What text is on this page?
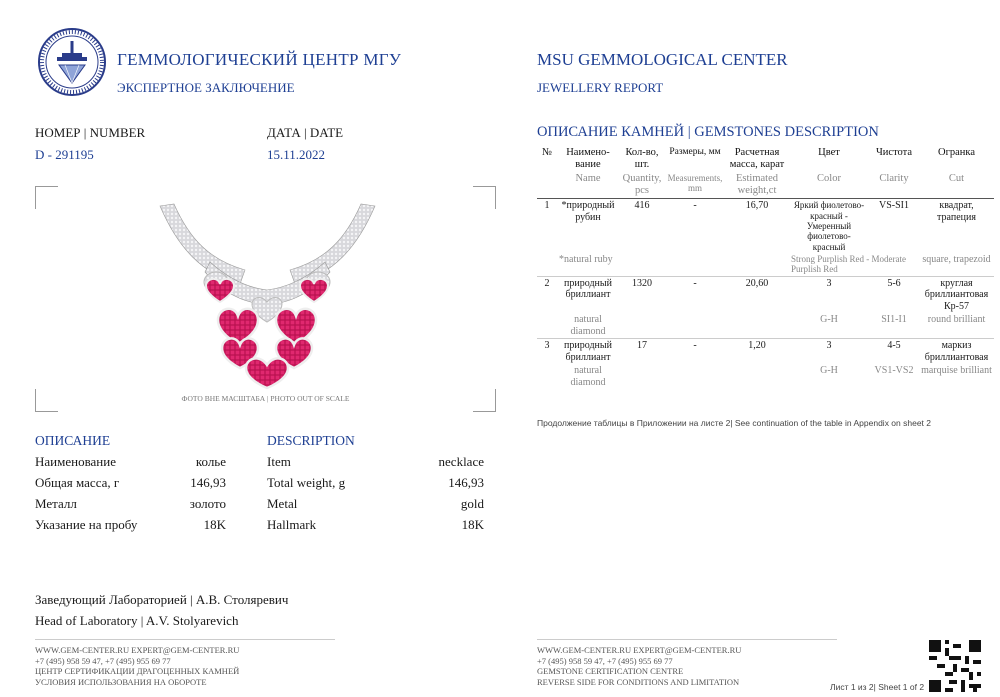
ГЕММОЛОГИЧЕСКИЙ ЦЕНТР МГУ
ЭКСПЕРТНОЕ ЗАКЛЮЧЕНИЕ
MSU GEMMOLOGICAL CENTER
JEWELLERY REPORT
НОМЕР | NUMBER
D - 291195
ДАТА | DATE
15.11.2022
ФОТО ВНЕ МАСШТАБА | PHOTO OUT OF SCALE
ОПИСАНИЕ	DESCRIPTION
Наименование	колье	Item	necklace
Общая масса, г	146,93	Total weight, g	146,93
Металл	золото	Metal	gold
Указание на пробу	18K	Hallmark	18K
ОПИСАНИЕ КАМНЕЙ | GEMSTONES DESCRIPTION
№	Наимено-вание	Кол-во, шт.	Размеры, мм	Расчетная масса, карат	Цвет	Чистота	Огранка
	Name	Quantity, pcs	Measurements, mm	Estimated weight,ct	Color	Clarity	Cut
1	*природный рубин	416	-	16,70	Яркий фиолетово-красный - Умеренный фиолетово-красный	VS-SI1	квадрат, трапеция
	*natural ruby				Strong Purplish Red - Moderate Purplish Red		square, trapezoid
2	природный бриллиант	1320	-	20,60	3	5-6	круглая бриллиантовая Кр-57
	natural diamond				G-H	SI1-I1	round brilliant
3	природный бриллиант	17	-	1,20	3	4-5	маркиз бриллиантовая
	natural diamond				G-H	VS1-VS2	marquise brilliant
Продолжение таблицы в Приложении на листе 2| See continuation of the table in Appendix on sheet 2
Заведующий Лабораторией | А.В. Столяревич
Head of Laboratory | A.V. Stolyarevich
WWW.GEM-CENTER.RU EXPERT@GEM-CENTER.RU
+7 (495) 958 59 47, +7 (495) 955 69 77
ЦЕНТР СЕРТИФИКАЦИИ ДРАГОЦЕННЫХ КАМНЕЙ
УСЛОВИЯ ИСПОЛЬЗОВАНИЯ НА ОБОРОТЕ
WWW.GEM-CENTER.RU EXPERT@GEM-CENTER.RU
+7 (495) 958 59 47, +7 (495) 955 69 77
GEMSTONE CERTIFICATION CENTRE
REVERSE SIDE FOR CONDITIONS AND LIMITATION
Лист 1 из 2| Sheet 1 of 2
